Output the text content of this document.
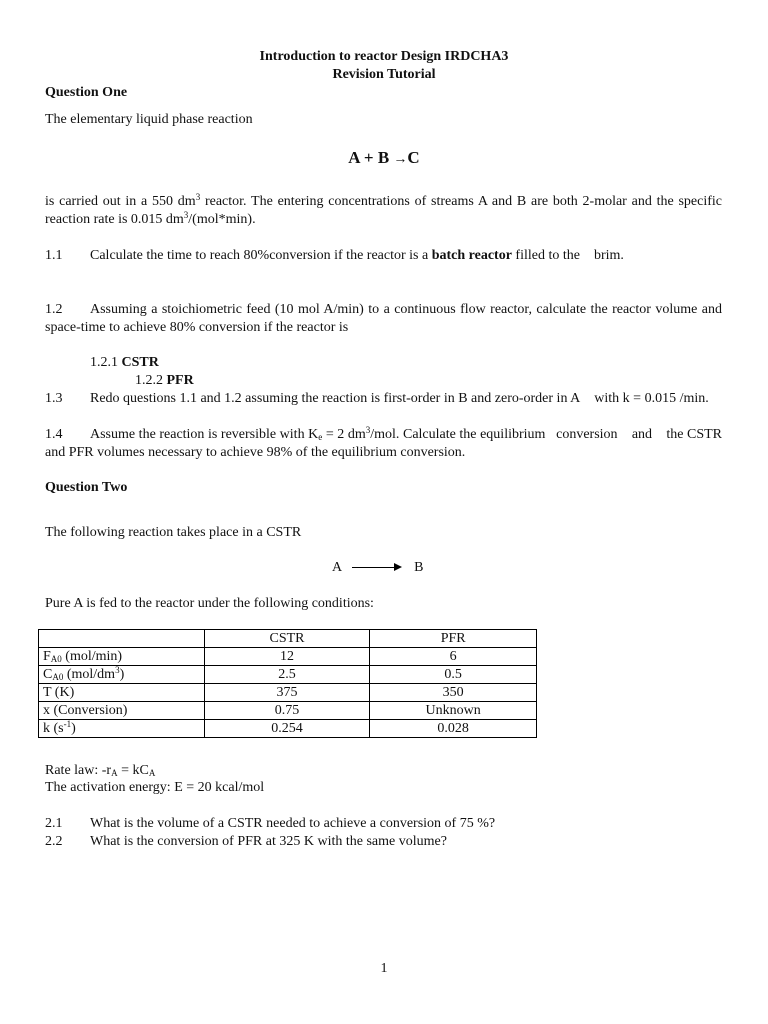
Introduction to reactor Design IRDCHA3
Revision Tutorial
Question One
The elementary liquid phase reaction
A + B →C
is carried out in a 550 $dm^3$ reactor. The entering concentrations of streams A and B are both 2-molar and the specific reaction rate is 0.015 $dm^3/(mol*\min)$.
1.1 Calculate the time to reach 80%conversion if the reactor is a batch reactor filled to the    brim.
1.2 Assuming a stoichiometric feed (10 mol A/min) to a continuous flow reactor, calculate the reactor volume and space-time to achieve 80% conversion if the reactor is
1.2.1 CSTR
1.2.2 PFR
1.3 Redo questions 1.1 and 1.2 assuming the reaction is first-order in B and zero-order in A    with k = 0.015 /min.
1.4 Assume the reaction is reversible with $K_e = 2$ $dm^3$/mol. Calculate the equilibrium   conversion    and    the CSTR and PFR volumes necessary to achieve 98% of the equilibrium conversion.
Question Two
The following reaction takes place in a CSTR
A → B
Pure A is fed to the reactor under the following conditions:
	CSTR	PFR
$F_{A0}$ (mol/min)	12	6
$C_{A0}$ $(mol/dm^3)$	2.5	0.5
T (K)	375	350
x (Conversion)	0.75	Unknown
k $(s^{-1})$	0.254	0.028
Rate law: $-r_A = kC_A$
The activation energy: E = 20 kcal/mol
2.1 What is the volume of a CSTR needed to achieve a conversion of 75 %?
2.2 What is the conversion of PFR at 325 K with the same volume?
1
